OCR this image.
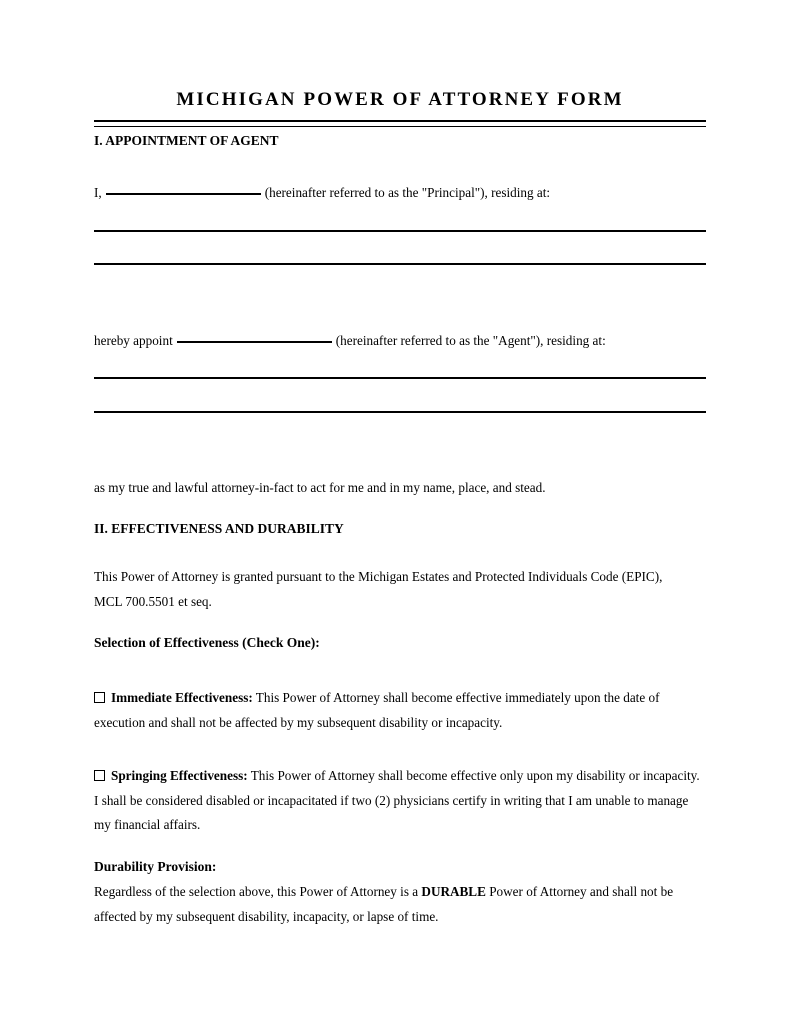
MICHIGAN POWER OF ATTORNEY FORM
I. APPOINTMENT OF AGENT
I,	(hereinafter referred to as the "Principal"), residing at:
hereby appoint	(hereinafter referred to as the "Agent"), residing at:
as my true and lawful attorney-in-fact to act for me and in my name, place, and stead.
II. EFFECTIVENESS AND DURABILITY
This Power of Attorney is granted pursuant to the Michigan Estates and Protected Individuals Code (EPIC), MCL 700.5501 et seq.
Selection of Effectiveness (Check One):
Immediate Effectiveness: This Power of Attorney shall become effective immediately upon the date of execution and shall not be affected by my subsequent disability or incapacity.
Springing Effectiveness: This Power of Attorney shall become effective only upon my disability or incapacity. I shall be considered disabled or incapacitated if two (2) physicians certify in writing that I am unable to manage my financial affairs.
Durability Provision:
Regardless of the selection above, this Power of Attorney is a DURABLE Power of Attorney and shall not be affected by my subsequent disability, incapacity, or lapse of time.
